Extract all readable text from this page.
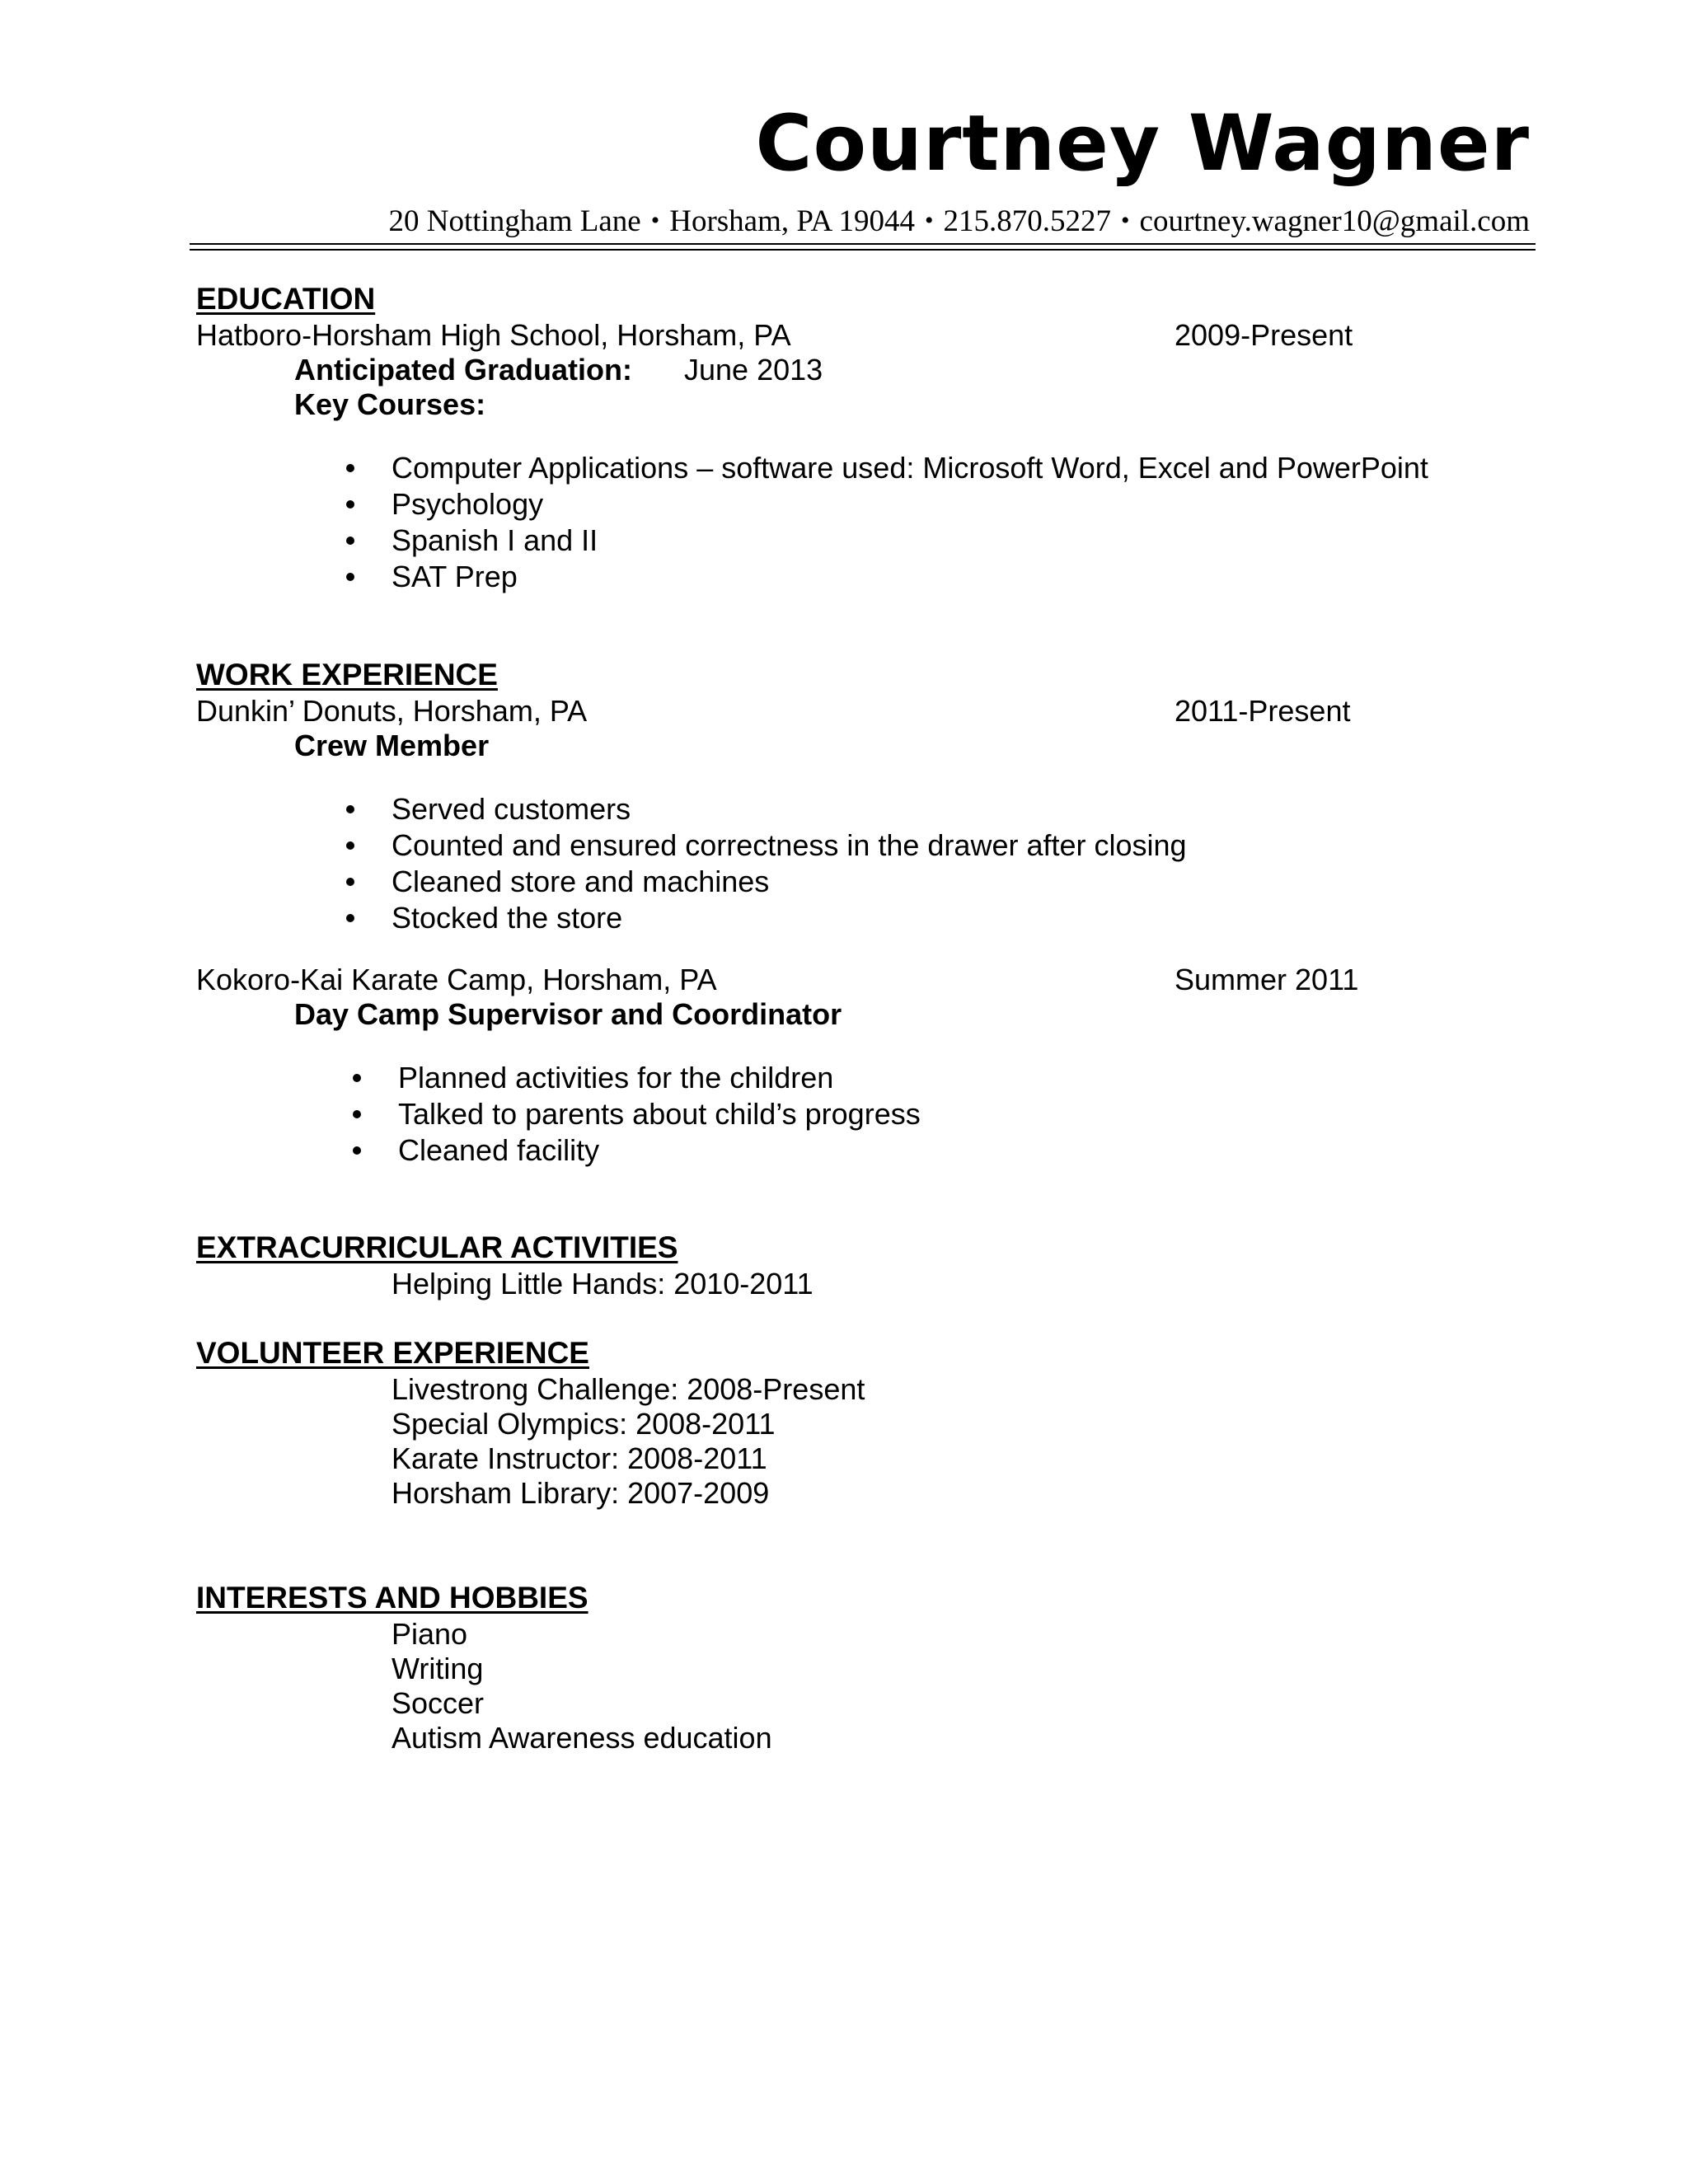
Courtney Wagner
20 Nottingham Lane • Horsham, PA 19044 • 215.870.5227 • courtney.wagner10@gmail.com
EDUCATION
Hatboro-Horsham High School, Horsham, PA	2009-Present
Anticipated Graduation: June 2013
Key Courses:
Computer Applications – software used: Microsoft Word, Excel and PowerPoint
Psychology
Spanish I and II
SAT Prep
WORK EXPERIENCE
Dunkin’ Donuts, Horsham, PA	2011-Present
Crew Member
Served customers
Counted and ensured correctness in the drawer after closing
Cleaned store and machines
Stocked the store
Kokoro-Kai Karate Camp, Horsham, PA	Summer 2011
Day Camp Supervisor and Coordinator
Planned activities for the children
Talked to parents about child’s progress
Cleaned facility
EXTRACURRICULAR ACTIVITIES
Helping Little Hands: 2010-2011
VOLUNTEER EXPERIENCE
Livestrong Challenge: 2008-Present
Special Olympics: 2008-2011
Karate Instructor: 2008-2011
Horsham Library: 2007-2009
INTERESTS AND HOBBIES
Piano
Writing
Soccer
Autism Awareness education
